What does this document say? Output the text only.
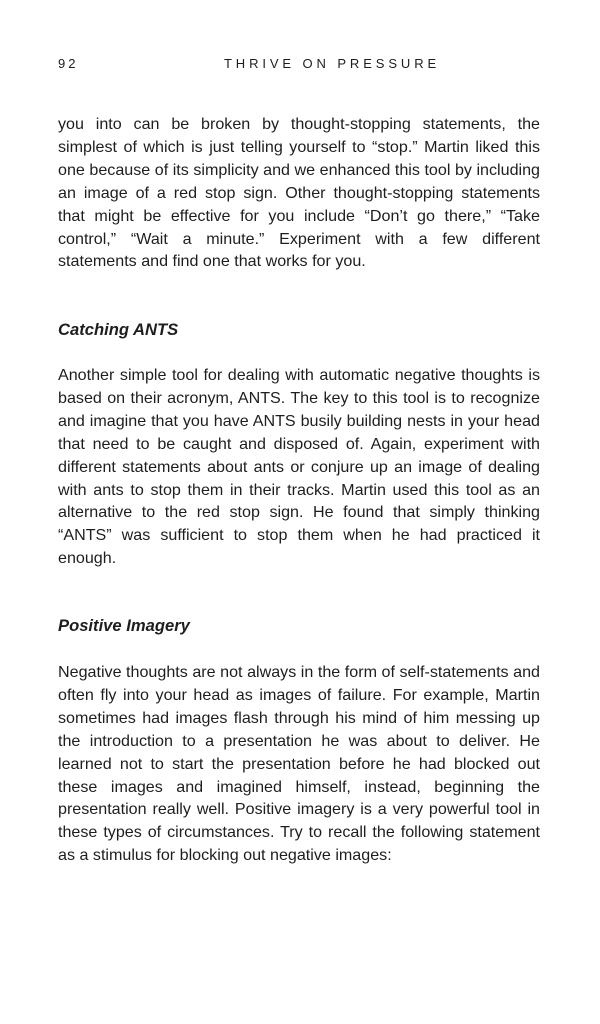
92	THRIVE ON PRESSURE

you into can be broken by thought-stopping statements, the simplest of which is just telling yourself to “stop.” Martin liked this one because of its simplicity and we enhanced this tool by including an image of a red stop sign. Other thought-stopping statements that might be effective for you include “Don’t go there,” “Take control,” “Wait a minute.” Experiment with a few different statements and find one that works for you.

Catching ANTS

Another simple tool for dealing with automatic negative thoughts is based on their acronym, ANTS. The key to this tool is to recognize and imagine that you have ANTS busily building nests in your head that need to be caught and disposed of. Again, experiment with different statements about ants or conjure up an image of dealing with ants to stop them in their tracks. Martin used this tool as an alternative to the red stop sign. He found that simply thinking “ANTS” was sufficient to stop them when he had practiced it enough.

Positive Imagery

Negative thoughts are not always in the form of self-statements and often fly into your head as images of failure. For example, Martin sometimes had images flash through his mind of him messing up the introduction to a presentation he was about to deliver. He learned not to start the presentation before he had blocked out these images and imagined himself, instead, beginning the presentation really well. Positive imagery is a very powerful tool in these types of circumstances. Try to recall the following statement as a stimulus for blocking out negative images:
